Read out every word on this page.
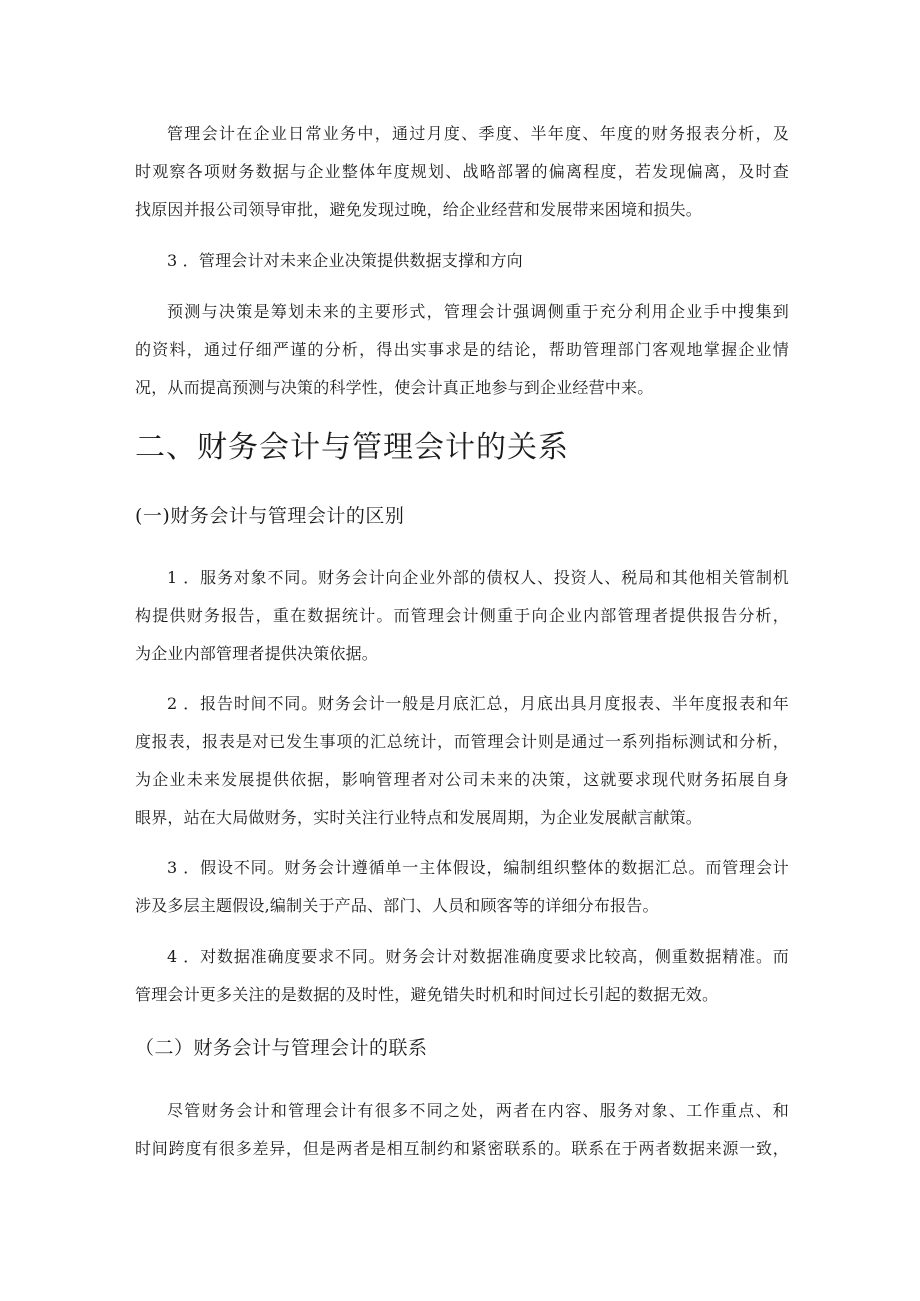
管理会计在企业日常业务中，通过月度、季度、半年度、年度的财务报表分析，及
时观察各项财务数据与企业整体年度规划、战略部署的偏离程度，若发现偏离，及时查
找原因并报公司领导审批，避免发现过晚，给企业经营和发展带来困境和损失。
3 ．管理会计对未来企业决策提供数据支撑和方向
预测与决策是筹划未来的主要形式，管理会计强调侧重于充分利用企业手中搜集到
的资料，通过仔细严谨的分析，得出实事求是的结论，帮助管理部门客观地掌握企业情
况，从而提高预测与决策的科学性，使会计真正地参与到企业经营中来。
二、财务会计与管理会计的关系
(一)财务会计与管理会计的区别
1 ．服务对象不同。财务会计向企业外部的债权人、投资人、税局和其他相关管制机
构提供财务报告，重在数据统计。而管理会计侧重于向企业内部管理者提供报告分析，
为企业内部管理者提供决策依据。
2 ．报告时间不同。财务会计一般是月底汇总，月底出具月度报表、半年度报表和年
度报表，报表是对已发生事项的汇总统计，而管理会计则是通过一系列指标测试和分析，
为企业未来发展提供依据，影响管理者对公司未来的决策，这就要求现代财务拓展自身
眼界，站在大局做财务，实时关注行业特点和发展周期，为企业发展献言献策。
3 ．假设不同。财务会计遵循单一主体假设，编制组织整体的数据汇总。而管理会计
涉及多层主题假设,编制关于产品、部门、人员和顾客等的详细分布报告。
4 ．对数据准确度要求不同。财务会计对数据准确度要求比较高，侧重数据精准。而
管理会计更多关注的是数据的及时性，避免错失时机和时间过长引起的数据无效。
（二）财务会计与管理会计的联系
尽管财务会计和管理会计有很多不同之处，两者在内容、服务对象、工作重点、和
时间跨度有很多差异，但是两者是相互制约和紧密联系的。联系在于两者数据来源一致，
